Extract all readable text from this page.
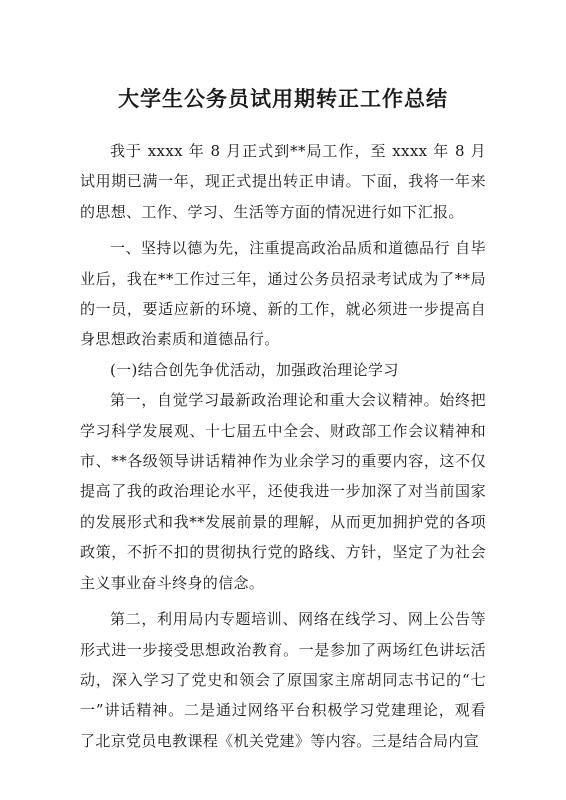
大学生公务员试用期转正工作总结

我于 xxxx 年 8 月正式到**局工作，至 xxxx 年 8 月试用期已满一年，现正式提出转正申请。下面，我将一年来的思想、工作、学习、生活等方面的情况进行如下汇报。

一、坚持以德为先，注重提高政治品质和道德品行 自毕业后，我在**工作过三年，通过公务员招录考试成为了**局的一员，要适应新的环境、新的工作，就必须进一步提高自身思想政治素质和道德品行。

(一)结合创先争优活动，加强政治理论学习

第一，自觉学习最新政治理论和重大会议精神。始终把学习科学发展观、十七届五中全会、财政部工作会议精神和市、**各级领导讲话精神作为业余学习的重要内容，这不仅提高了我的政治理论水平，还使我进一步加深了对当前国家的发展形式和我**发展前景的理解，从而更加拥护党的各项政策，不折不扣的贯彻执行党的路线、方针，坚定了为社会主义事业奋斗终身的信念。

第二，利用局内专题培训、网络在线学习、网上公告等形式进一步接受思想政治教育。一是参加了两场红色讲坛活动，深入学习了党史和领会了原国家主席胡同志书记的“七一”讲话精神。二是通过网络平台积极学习党建理论，观看了北京党员电教课程《机关党建》等内容。三是结合局内宣
